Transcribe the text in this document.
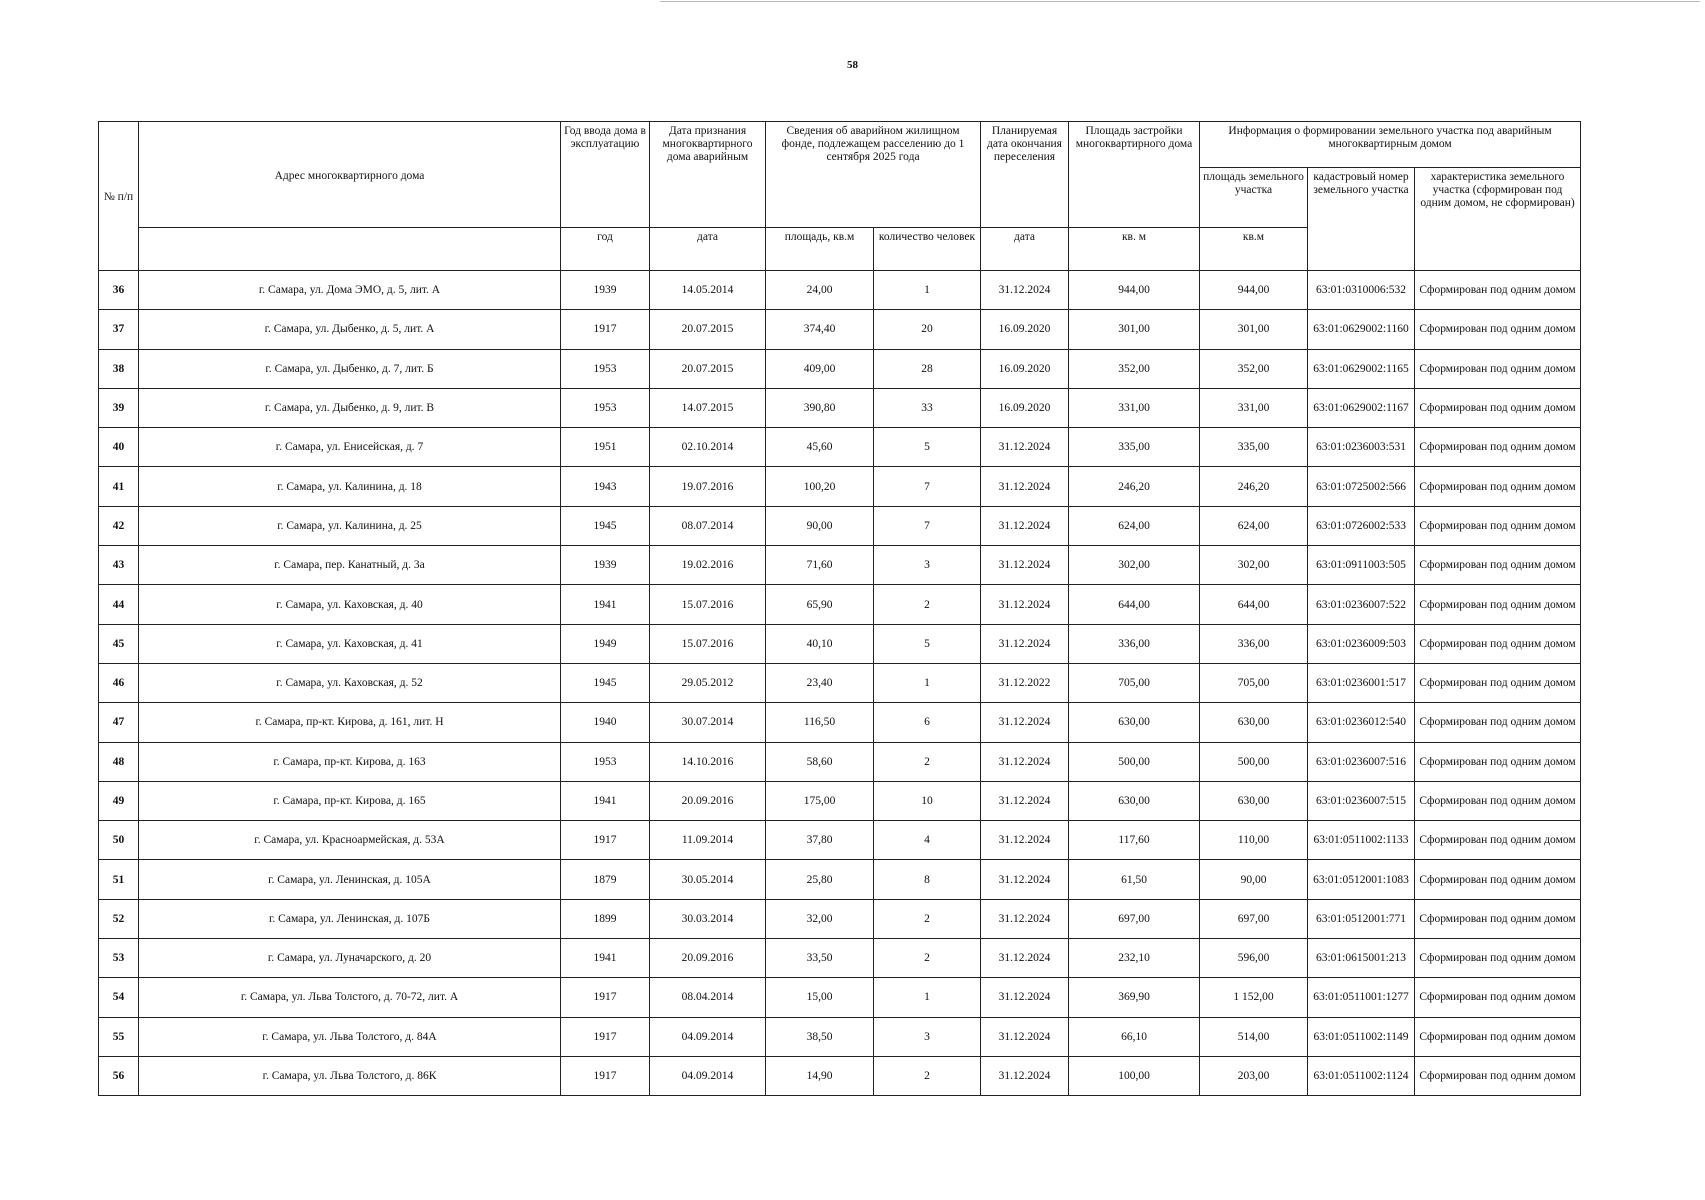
58
№ п/п	Адрес многоквартирного дома	Год ввода дома в эксплуатацию	Дата признания многоквартирного дома аварийным	Сведения об аварийном жилищном фонде, подлежащем расселению до 1 сентября 2025 года		Планируемая дата окончания переселения	Площадь застройки многоквартирного дома	Информация о формировании земельного участка под аварийным многоквартирным домом		
								площадь земельного участка	кадастровый номер земельного участка	характеристика земельного участка (сформирован под одним домом, не сформирован)
		год	дата	площадь, кв.м	количество человек	дата	кв. м	кв.м		
36	г. Самара, ул. Дома ЭМО, д. 5, лит. А	1939	14.05.2014	24,00	1	31.12.2024	944,00	944,00	63:01:0310006:532	Сформирован под одним домом
37	г. Самара, ул. Дыбенко, д. 5, лит. А	1917	20.07.2015	374,40	20	16.09.2020	301,00	301,00	63:01:0629002:1160	Сформирован под одним домом
38	г. Самара, ул. Дыбенко, д. 7, лит. Б	1953	20.07.2015	409,00	28	16.09.2020	352,00	352,00	63:01:0629002:1165	Сформирован под одним домом
39	г. Самара, ул. Дыбенко, д. 9, лит. В	1953	14.07.2015	390,80	33	16.09.2020	331,00	331,00	63:01:0629002:1167	Сформирован под одним домом
40	г. Самара, ул. Енисейская, д. 7	1951	02.10.2014	45,60	5	31.12.2024	335,00	335,00	63:01:0236003:531	Сформирован под одним домом
41	г. Самара, ул. Калинина, д. 18	1943	19.07.2016	100,20	7	31.12.2024	246,20	246,20	63:01:0725002:566	Сформирован под одним домом
42	г. Самара, ул. Калинина, д. 25	1945	08.07.2014	90,00	7	31.12.2024	624,00	624,00	63:01:0726002:533	Сформирован под одним домом
43	г. Самара, пер. Канатный, д. 3а	1939	19.02.2016	71,60	3	31.12.2024	302,00	302,00	63:01:0911003:505	Сформирован под одним домом
44	г. Самара, ул. Каховская, д. 40	1941	15.07.2016	65,90	2	31.12.2024	644,00	644,00	63:01:0236007:522	Сформирован под одним домом
45	г. Самара, ул. Каховская, д. 41	1949	15.07.2016	40,10	5	31.12.2024	336,00	336,00	63:01:0236009:503	Сформирован под одним домом
46	г. Самара, ул. Каховская, д. 52	1945	29.05.2012	23,40	1	31.12.2022	705,00	705,00	63:01:0236001:517	Сформирован под одним домом
47	г. Самара, пр-кт. Кирова, д. 161, лит. Н	1940	30.07.2014	116,50	6	31.12.2024	630,00	630,00	63:01:0236012:540	Сформирован под одним домом
48	г. Самара, пр-кт. Кирова, д. 163	1953	14.10.2016	58,60	2	31.12.2024	500,00	500,00	63:01:0236007:516	Сформирован под одним домом
49	г. Самара, пр-кт. Кирова, д. 165	1941	20.09.2016	175,00	10	31.12.2024	630,00	630,00	63:01:0236007:515	Сформирован под одним домом
50	г. Самара, ул. Красноармейская, д. 53А	1917	11.09.2014	37,80	4	31.12.2024	117,60	110,00	63:01:0511002:1133	Сформирован под одним домом
51	г. Самара, ул. Ленинская, д. 105А	1879	30.05.2014	25,80	8	31.12.2024	61,50	90,00	63:01:0512001:1083	Сформирован под одним домом
52	г. Самара, ул. Ленинская, д. 107Б	1899	30.03.2014	32,00	2	31.12.2024	697,00	697,00	63:01:0512001:771	Сформирован под одним домом
53	г. Самара, ул. Луначарского, д. 20	1941	20.09.2016	33,50	2	31.12.2024	232,10	596,00	63:01:0615001:213	Сформирован под одним домом
54	г. Самара, ул. Льва Толстого, д. 70-72, лит. А	1917	08.04.2014	15,00	1	31.12.2024	369,90	1 152,00	63:01:0511001:1277	Сформирован под одним домом
55	г. Самара, ул. Льва Толстого, д. 84А	1917	04.09.2014	38,50	3	31.12.2024	66,10	514,00	63:01:0511002:1149	Сформирован под одним домом
56	г. Самара, ул. Льва Толстого, д. 86К	1917	04.09.2014	14,90	2	31.12.2024	100,00	203,00	63:01:0511002:1124	Сформирован под одним домом
